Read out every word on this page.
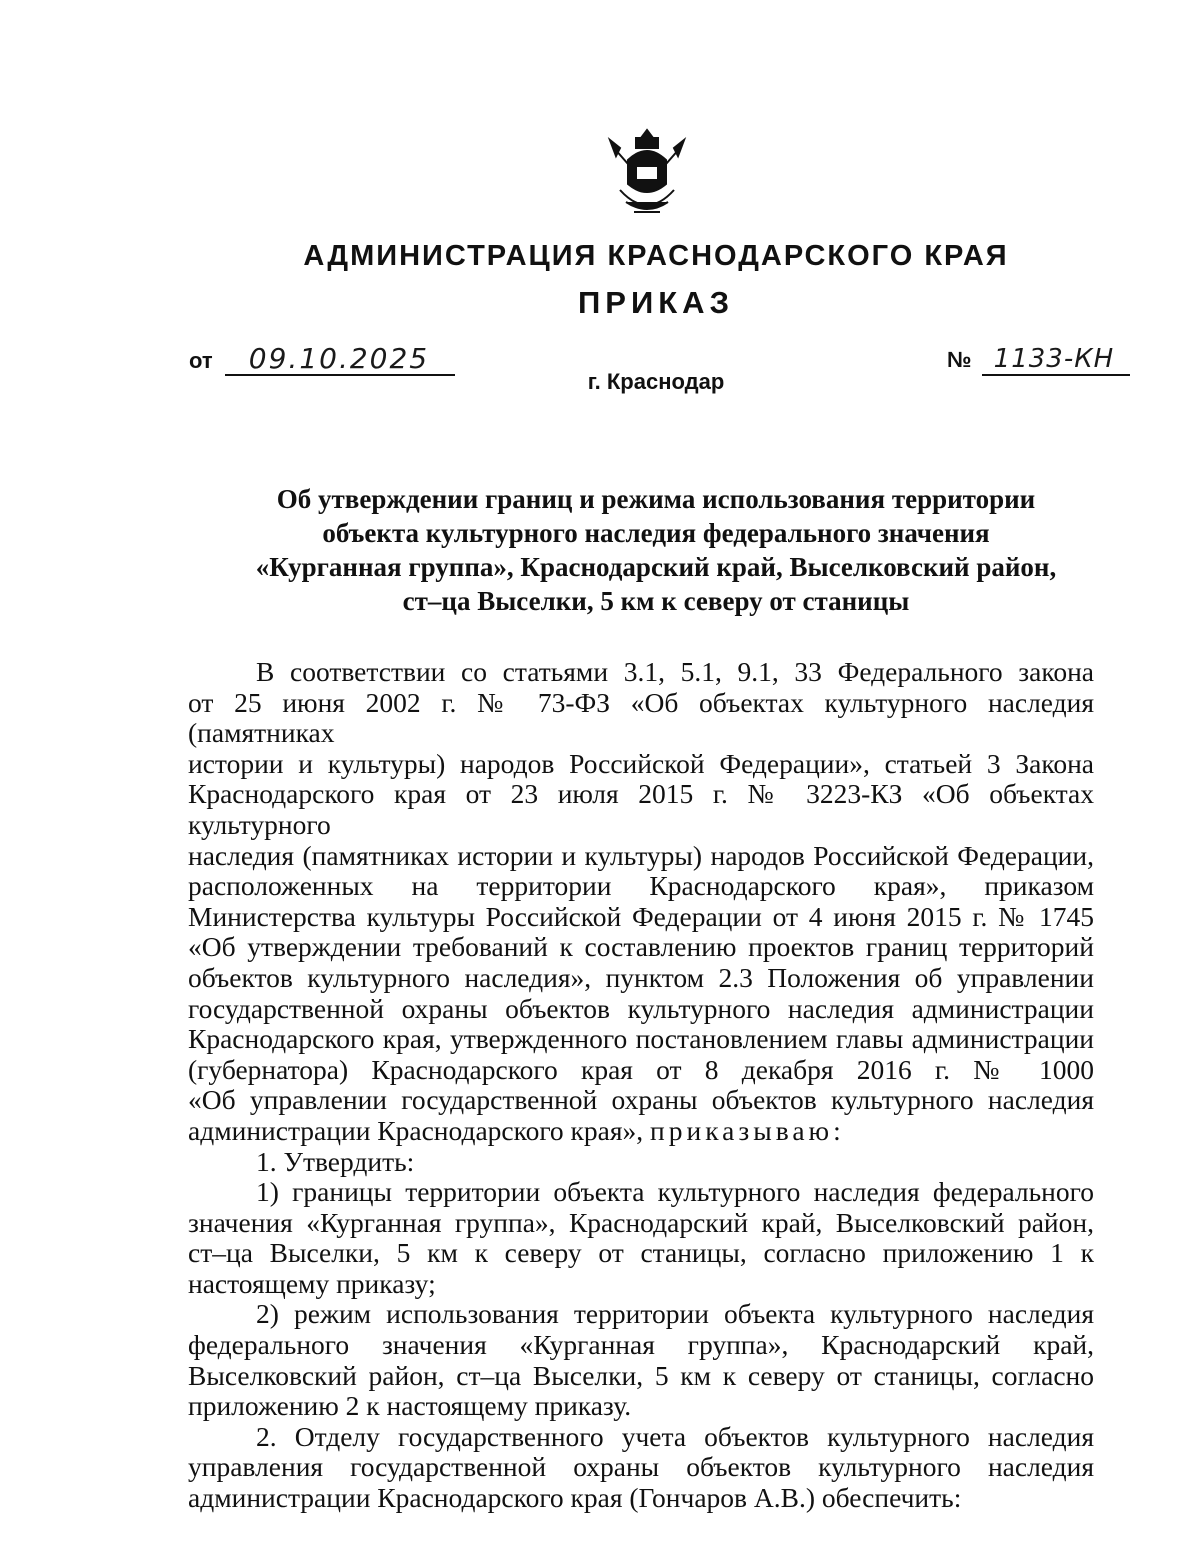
АДМИНИСТРАЦИЯ КРАСНОДАРСКОГО КРАЯ
ПРИКАЗ
от 09.10.2025	№ 1133-КН
г. Краснодар
Об утверждении границ и режима использования территории
объекта культурного наследия федерального значения
«Курганная группа», Краснодарский край, Выселковский район,
ст–ца Выселки, 5 км к северу от станицы

В соответствии со статьями 3.1, 5.1, 9.1, 33 Федерального закона

от 25 июня 2002 г. № 73-ФЗ «Об объектах культурного наследия (памятниках

истории и культуры) народов Российской Федерации», статьей 3 Закона

Краснодарского края от 23 июля 2015 г. № 3223-КЗ «Об объектах культурного

наследия (памятниках истории и культуры) народов Российской Федерации,

расположенных на территории Краснодарского края», приказом

Министерства культуры Российской Федерации от 4 июня 2015 г. № 1745

«Об утверждении требований к составлению проектов границ территорий

объектов культурного наследия», пунктом 2.3 Положения об управлении

государственной охраны объектов культурного наследия администрации

Краснодарского края, утвержденного постановлением главы администрации

(губернатора) Краснодарского края от 8 декабря 2016 г. № 1000

«Об управлении государственной охраны объектов культурного наследия

администрации Краснодарского края», приказываю:

1. Утвердить:

1) границы территории объекта культурного наследия федерального

значения «Курганная группа», Краснодарский край, Выселковский район,

ст–ца Выселки, 5 км к северу от станицы, согласно приложению 1 к

настоящему приказу;

2) режим использования территории объекта культурного наследия

федерального значения «Курганная группа», Краснодарский край,

Выселковский район, ст–ца Выселки, 5 км к северу от станицы, согласно

приложению 2 к настоящему приказу.

2. Отделу государственного учета объектов культурного наследия

управления государственной охраны объектов культурного наследия

администрации Краснодарского края (Гончаров А.В.) обеспечить:
